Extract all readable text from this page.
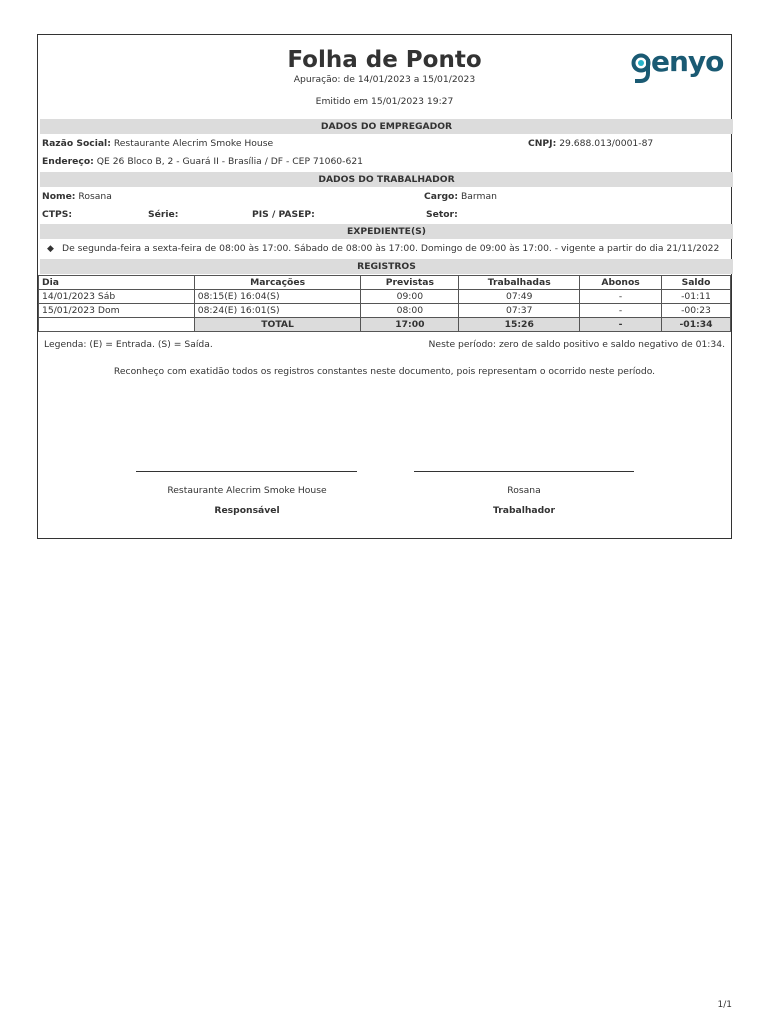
Folha de Ponto
Apuração: de 14/01/2023 a 15/01/2023
Emitido em 15/01/2023 19:27
enyo
DADOS DO EMPREGADOR
Razão Social: Restaurante Alecrim Smoke House	CNPJ: 29.688.013/0001-87
Endereço: QE 26 Bloco B, 2 - Guará II - Brasília / DF - CEP 71060-621
DADOS DO TRABALHADOR
Nome: Rosana	Cargo: Barman
CTPS:	Série:	PIS / PASEP:	Setor:
EXPEDIENTE(S)
◆ De segunda-feira a sexta-feira de 08:00 às 17:00. Sábado de 08:00 às 17:00. Domingo de 09:00 às 17:00. - vigente a partir do dia 21/11/2022
REGISTROS
Dia	Marcações	Previstas	Trabalhadas	Abonos	Saldo
14/01/2023 Sáb	08:15(E) 16:04(S)	09:00	07:49	-	-01:11
15/01/2023 Dom	08:24(E) 16:01(S)	08:00	07:37	-	-00:23
	TOTAL	17:00	15:26	-	-01:34
Legenda: (E) = Entrada. (S) = Saída.	Neste período: zero de saldo positivo e saldo negativo de 01:34.
Reconheço com exatidão todos os registros constantes neste documento, pois representam o ocorrido neste período.
Restaurante Alecrim Smoke House
Responsável
Rosana
Trabalhador
1/1
